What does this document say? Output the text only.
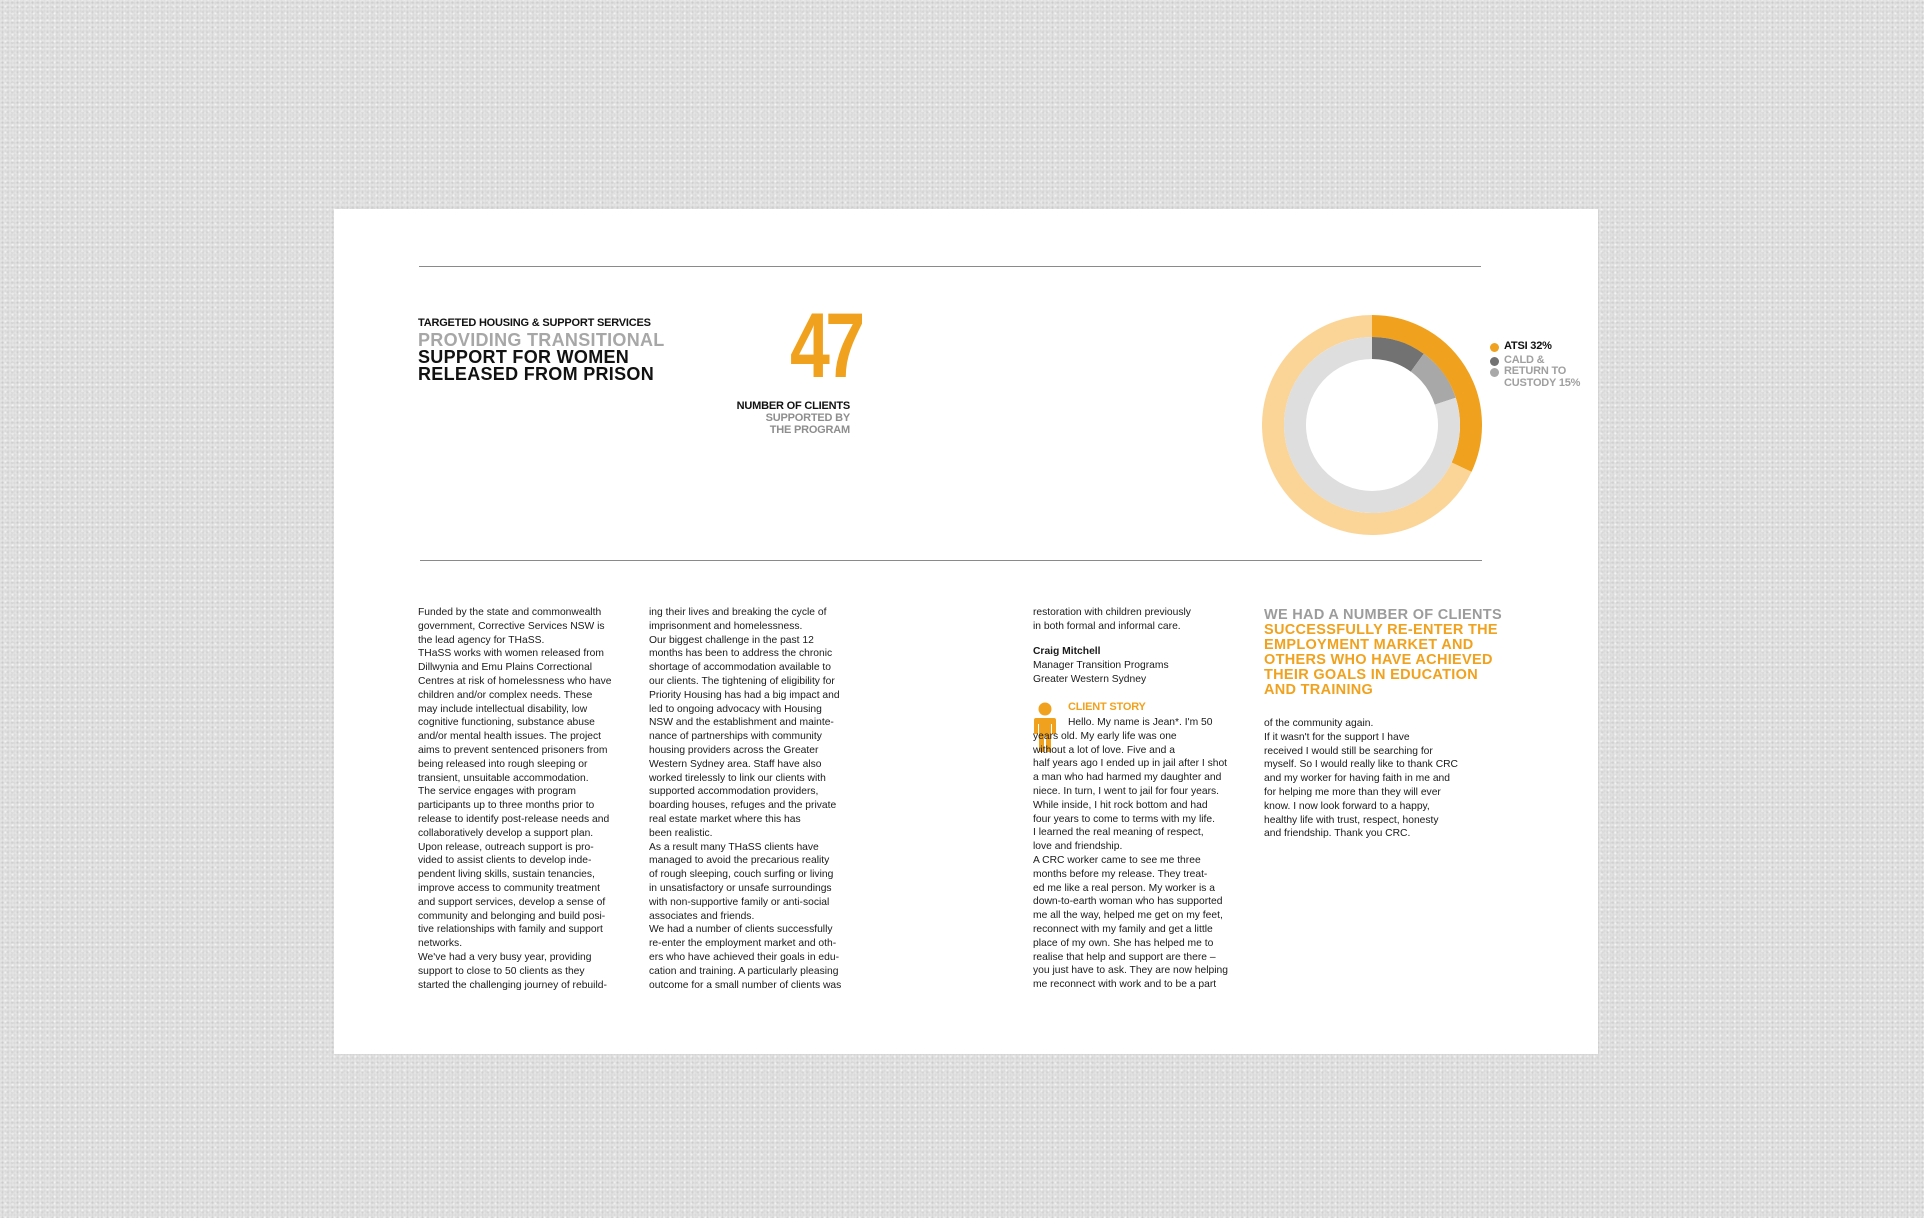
TARGETED HOUSING & SUPPORT SERVICES
PROVIDING TRANSITIONAL
SUPPORT FOR WOMEN
RELEASED FROM PRISON 47
NUMBER OF CLIENTS
SUPPORTED BY
THE PROGRAM
ATSI 32%
CALD &
RETURN TO
CUSTODY 15%
Funded by the state and commonwealth
government, Corrective Services NSW is
the lead agency for THaSS.
THaSS works with women released from
Dillwynia and Emu Plains Correctional
Centres at risk of homelessness who have
children and/or complex needs. These
may include intellectual disability, low
cognitive functioning, substance abuse
and/or mental health issues. The project
aims to prevent sentenced prisoners from
being released into rough sleeping or
transient, unsuitable accommodation.
The service engages with program
participants up to three months prior to
release to identify post-release needs and
collaboratively develop a support plan.
Upon release, outreach support is pro-
vided to assist clients to develop inde-
pendent living skills, sustain tenancies,
improve access to community treatment
and support services, develop a sense of
community and belonging and build posi-
tive relationships with family and support
networks.
We've had a very busy year, providing
support to close to 50 clients as they
started the challenging journey of rebuild-
ing their lives and breaking the cycle of
imprisonment and homelessness.
Our biggest challenge in the past 12
months has been to address the chronic
shortage of accommodation available to
our clients. The tightening of eligibility for
Priority Housing has had a big impact and
led to ongoing advocacy with Housing
NSW and the establishment and mainte-
nance of partnerships with community
housing providers across the Greater
Western Sydney area. Staff have also
worked tirelessly to link our clients with
supported accommodation providers,
boarding houses, refuges and the private
real estate market where this has
been realistic.
As a result many THaSS clients have
managed to avoid the precarious reality
of rough sleeping, couch surfing or living
in unsatisfactory or unsafe surroundings
with non-supportive family or anti-social
associates and friends.
We had a number of clients successfully
re-enter the employment market and oth-
ers who have achieved their goals in edu-
cation and training. A particularly pleasing
outcome for a small number of clients was
restoration with children previously
in both formal and informal care.
Craig Mitchell
Manager Transition Programs
Greater Western Sydney
CLIENT STORY
Hello. My name is Jean*. I'm 50
years old. My early life was one
without a lot of love. Five and a
half years ago I ended up in jail after I shot
a man who had harmed my daughter and
niece. In turn, I went to jail for four years.
While inside, I hit rock bottom and had
four years to come to terms with my life.
I learned the real meaning of respect,
love and friendship.
A CRC worker came to see me three
months before my release. They treat-
ed me like a real person. My worker is a
down-to-earth woman who has supported
me all the way, helped me get on my feet,
reconnect with my family and get a little
place of my own. She has helped me to
realise that help and support are there –
you just have to ask. They are now helping
me reconnect with work and to be a part
WE HAD A NUMBER OF CLIENTS
SUCCESSFULLY RE-ENTER THE
EMPLOYMENT MARKET AND
OTHERS WHO HAVE ACHIEVED
THEIR GOALS IN EDUCATION
AND TRAINING
of the community again.
If it wasn't for the support I have
received I would still be searching for
myself. So I would really like to thank CRC
and my worker for having faith in me and
for helping me more than they will ever
know. I now look forward to a happy,
healthy life with trust, respect, honesty
and friendship. Thank you CRC.
